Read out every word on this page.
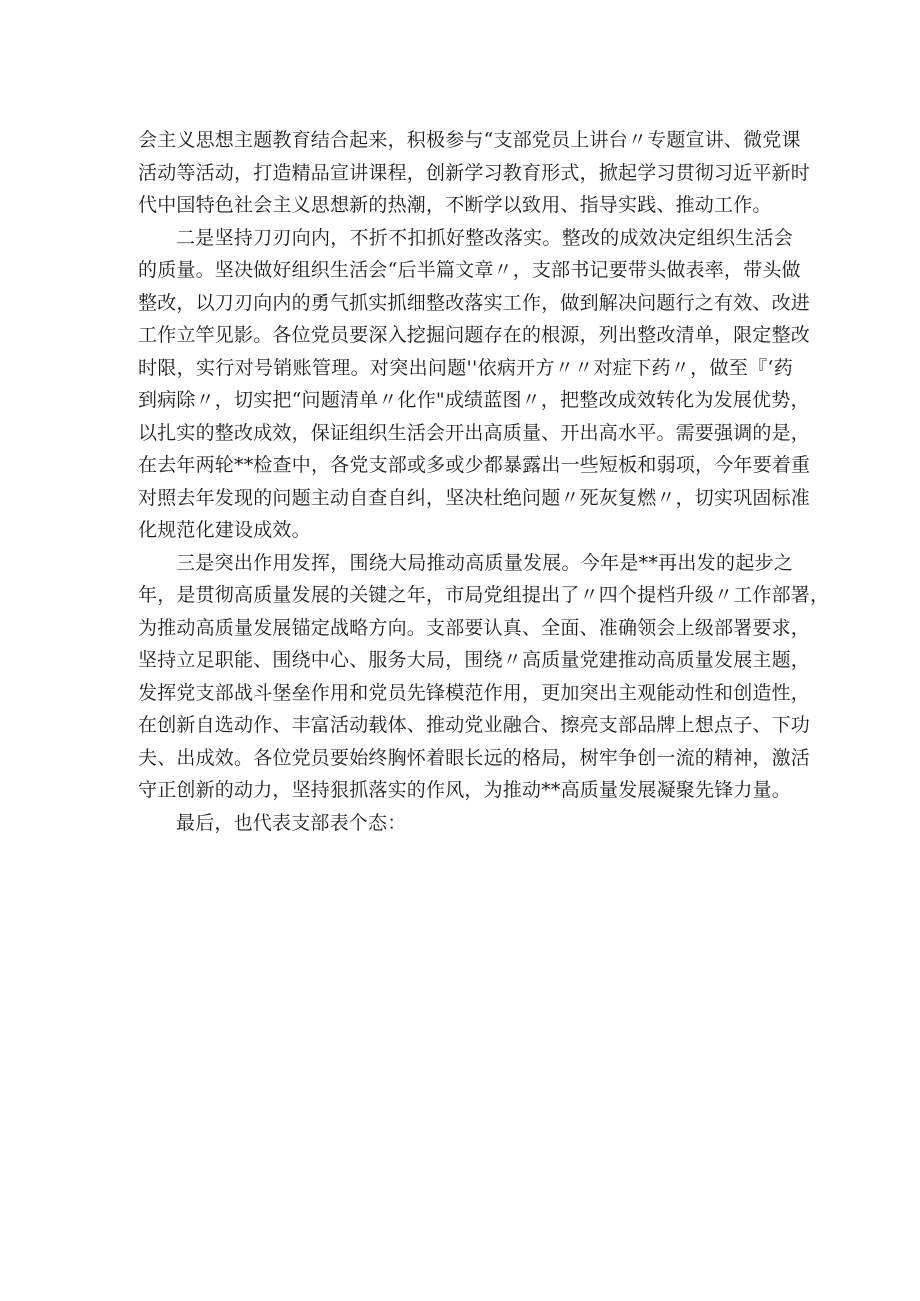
会主义思想主题教育结合起来，积极参与“支部党员上讲台〃专题宣讲、微党课
活动等活动，打造精品宣讲课程，创新学习教育形式，掀起学习贯彻习近平新时
代中国特色社会主义思想新的热潮，不断学以致用、指导实践、推动工作。
二是坚持刀刃向内，不折不扣抓好整改落实。整改的成效决定组织生活会
的质量。坚决做好组织生活会“后半篇文章〃，支部书记要带头做表率，带头做
整改，以刀刃向内的勇气抓实抓细整改落实工作，做到解决问题行之有效、改进
工作立竿见影。各位党员要深入挖掘问题存在的根源，列出整改清单，限定整改
时限，实行对号销账管理。对突出问题''依病开方〃〃对症下药〃，做至『‘药
到病除〃，切实把“问题清单〃化作"成绩蓝图〃，把整改成效转化为发展优势，
以扎实的整改成效，保证组织生活会开出高质量、开出高水平。需要强调的是，
在去年两轮**检查中，各党支部或多或少都暴露出一些短板和弱项，今年要着重
对照去年发现的问题主动自查自纠，坚决杜绝问题〃死灰复燃〃，切实巩固标准
化规范化建设成效。
三是突出作用发挥，围绕大局推动高质量发展。今年是**再出发的起步之
年，是贯彻高质量发展的关键之年，市局党组提出了〃四个提档升级〃工作部署，
为推动高质量发展锚定战略方向。支部要认真、全面、准确领会上级部署要求，
坚持立足职能、围绕中心、服务大局，围绕〃高质量党建推动高质量发展主题，
发挥党支部战斗堡垒作用和党员先锋模范作用，更加突出主观能动性和创造性，
在创新自选动作、丰富活动载体、推动党业融合、擦亮支部品牌上想点子、下功
夫、出成效。各位党员要始终胸怀着眼长远的格局，树牢争创一流的精神，激活
守正创新的动力，坚持狠抓落实的作风，为推动**高质量发展凝聚先锋力量。
最后，也代表支部表个态：
